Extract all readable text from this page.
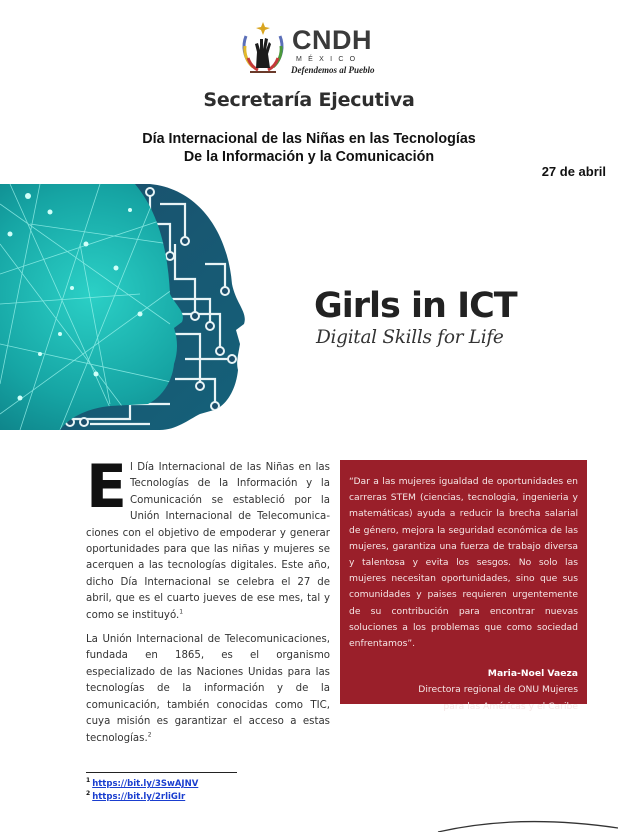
CNDH
MÉXICO
Defendemos al Pueblo
Secretaría Ejecutiva
Día Internacional de las Niñas en las Tecnologías
De la Información y la Comunicación
27 de abril
Girls in ICT
Digital Skills for Life

El Día Internacional de las Niñas en las Tecnologías de la Información y la Comunicación se estableció por la Unión Internacional de Telecomunicaciones con el objetivo de empoderar y generar oportunidades para que las niñas y mujeres se acerquen a las tecnologías digitales. Este año, dicho Día Internacional se celebra el 27 de abril, que es el cuarto jueves de ese mes, tal y como se instituyó.$^1$

La Unión Internacional de Telecomunicaciones, fundada en 1865, es el organismo especializado de las Naciones Unidas para las tecnologías de la información y de la comunicación, también conocidas como TIC, cuya misión es garantizar el acceso a estas tecnologías.$^2$

“Dar a las mujeres igualdad de oportunidades en carreras STEM (ciencias, tecnologia, ingenieria y matemáticas) ayuda a reducir la brecha salarial de género, mejora la seguridad económica de las mujeres, garantiza una fuerza de trabajo diversa y talentosa y evita los sesgos. No solo las mujeres necesitan oportunidades, sino que sus comunidades y paises requieren urgentemente de su contribución para encontrar nuevas soluciones a los problemas que como sociedad enfrentamos”.
Maria-Noel Vaeza
Directora regional de ONU Mujeres
para las Américas y el Caribe
$^1$ https://bit.ly/3SwAJNV
$^2$ https://bit.ly/2rliGIr
